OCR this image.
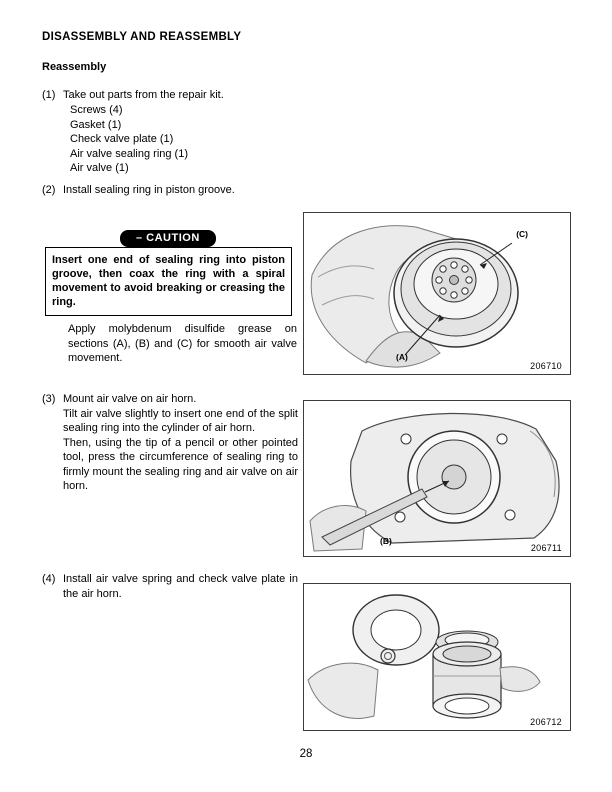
DISASSEMBLY AND REASSEMBLY
Reassembly
(1) Take out parts from the repair kit.
Screws (4)
Gasket (1)
Check valve plate (1)
Air valve sealing ring (1)
Air valve (1)
(2) Install sealing ring in piston groove.
– CAUTION
Insert one end of sealing ring into piston groove, then coax the ring with a spiral movement to avoid breaking or creasing the ring.
Apply molybdenum disulfide grease on sections (A), (B) and (C) for smooth air valve movement.
(3) Mount air valve on air horn.

Tilt air valve slightly to insert one end of the split sealing ring into the cylinder of air horn.

Then, using the tip of a pencil or other pointed tool, press the circumference of sealing ring to firmly mount the sealing ring and air valve on air horn.

(4) Install air valve spring and check valve plate in the air horn.
(C)
(A)
206710
(B)
206711
206712
28
